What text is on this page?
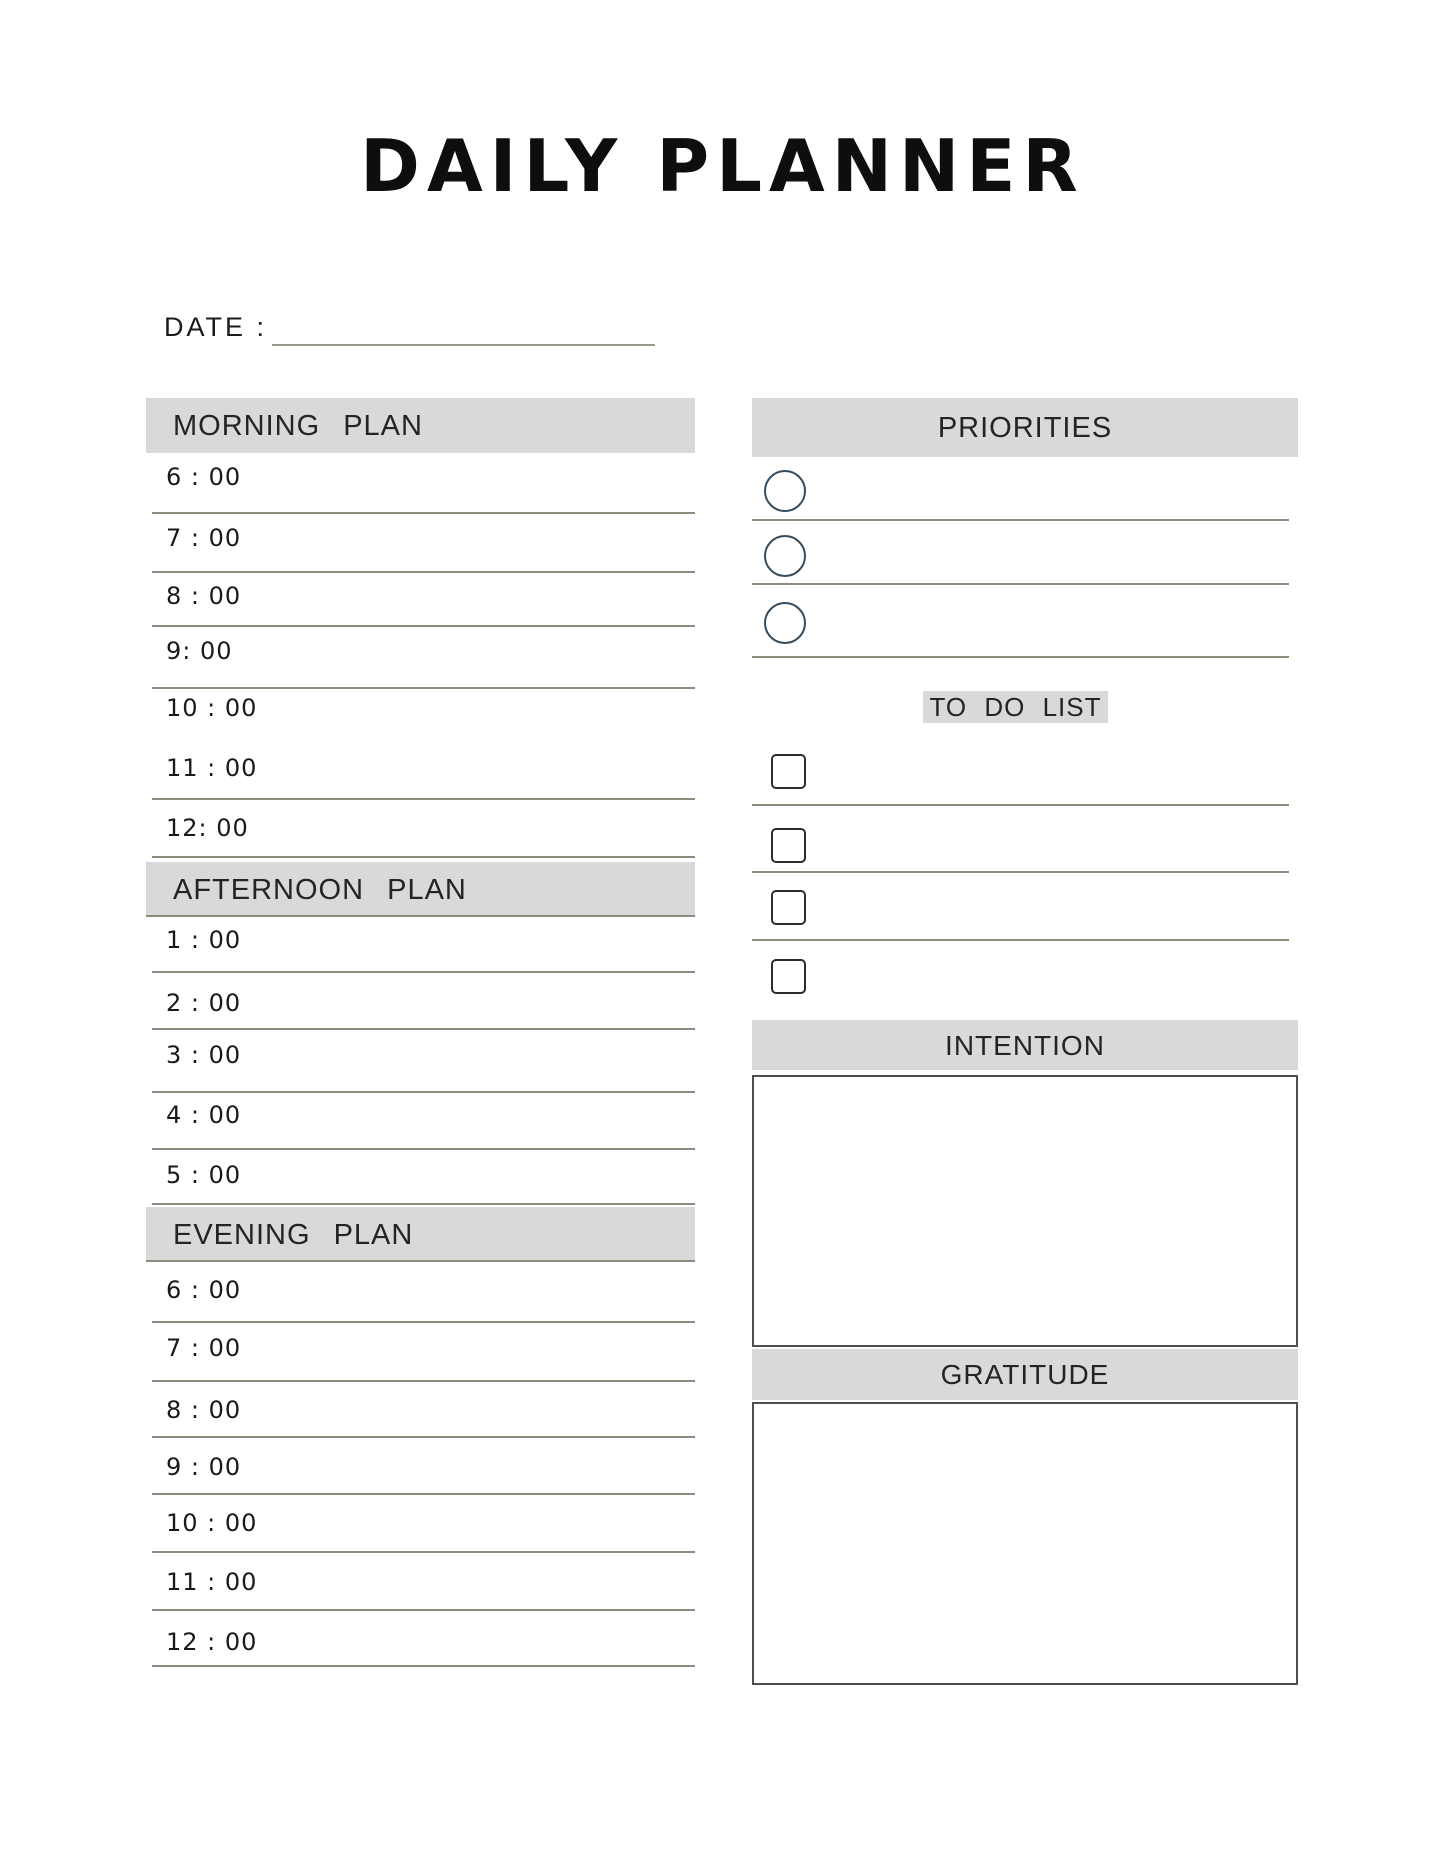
DAILY PLANNER
DATE :
MORNING PLAN
6 : 00
7 : 00
8 : 00
9: 00
10 : 00
11 : 00
12: 00
AFTERNOON PLAN
1 : 00
2 : 00
3 : 00
4 : 00
5 : 00
EVENING PLAN
6 : 00
7 : 00
8 : 00
9 : 00
10 : 00
11 : 00
12 : 00
PRIORITIES
TO DO LIST
INTENTION
GRATITUDE
